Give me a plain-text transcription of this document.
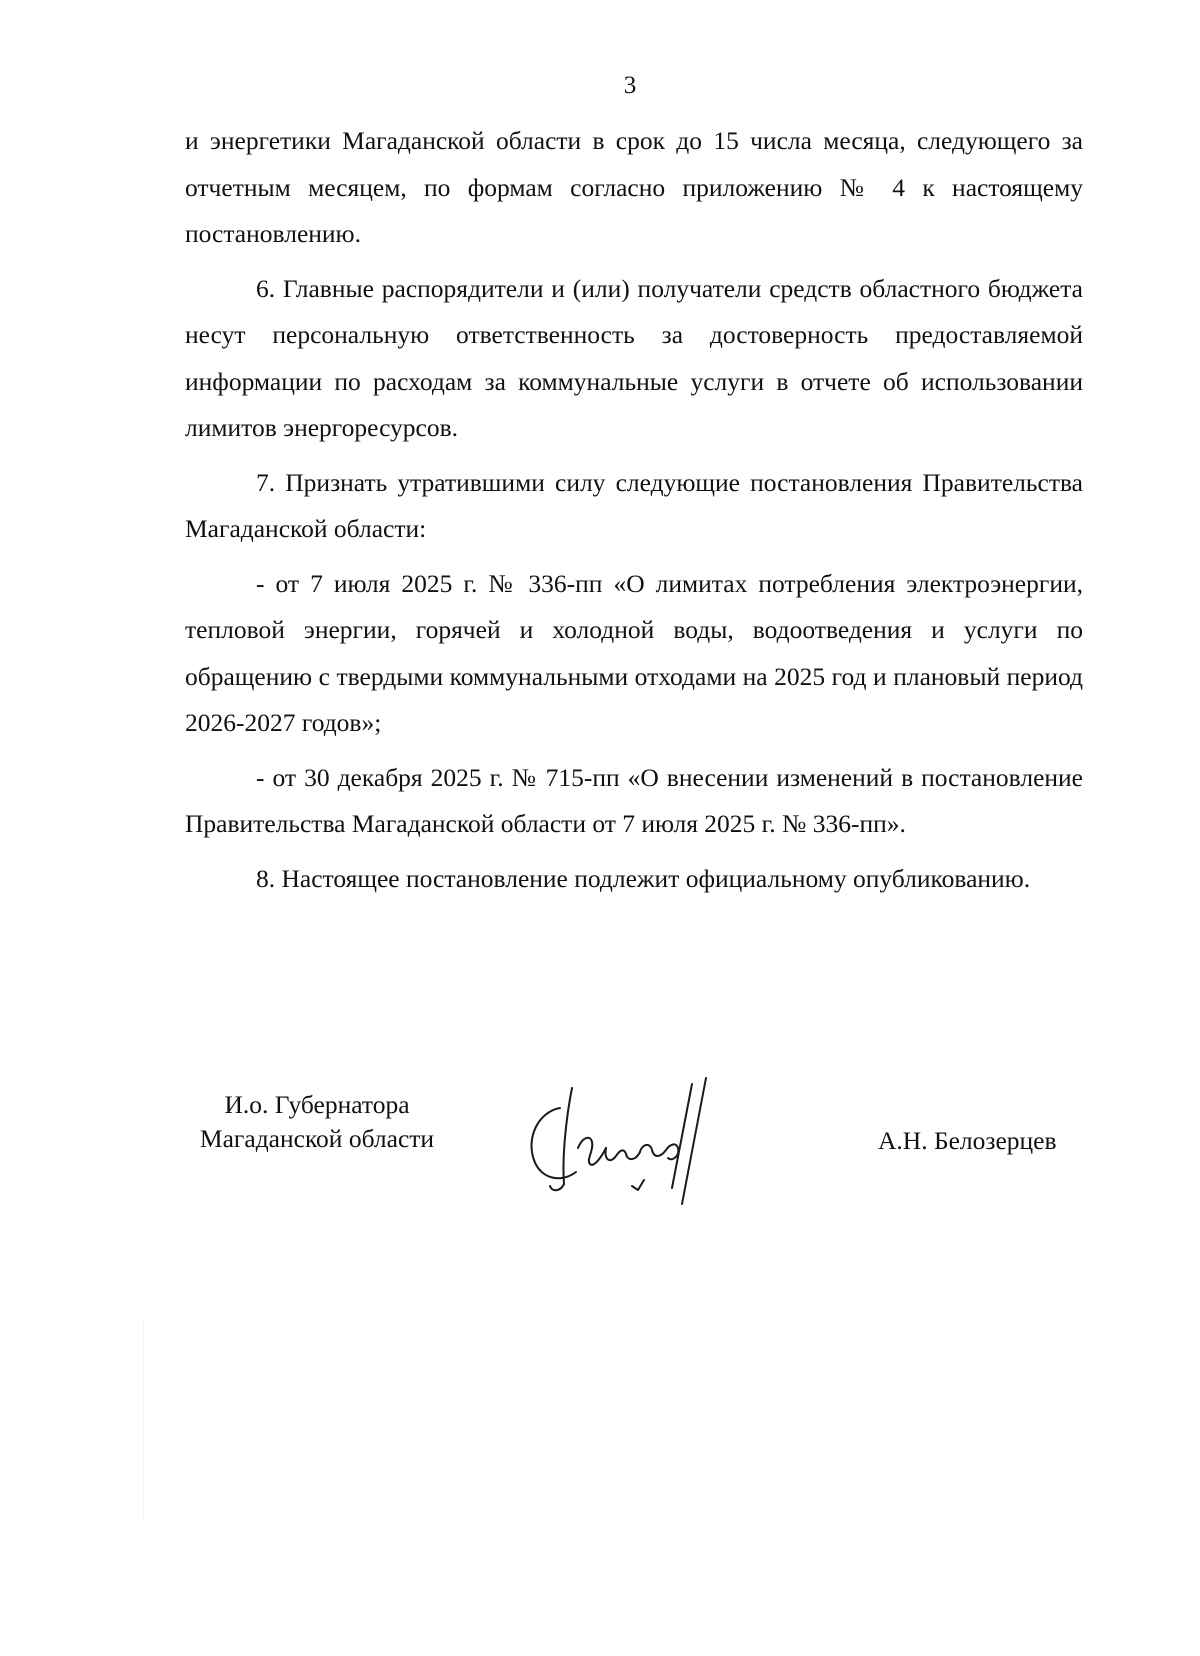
3

и энергетики Магаданской области в срок до 15 числа месяца, следующего за отчетным месяцем, по формам согласно приложению № 4 к настоящему постановлению.

6. Главные распорядители и (или) получатели средств областного бюджета несут персональную ответственность за достоверность предоставляемой информации по расходам за коммунальные услуги в отчете об использовании лимитов энергоресурсов.

7. Признать утратившими силу следующие постановления Правительства Магаданской области:

- от 7 июля 2025 г. № 336-пп «О лимитах потребления электроэнергии, тепловой энергии, горячей и холодной воды, водоотведения и услуги по обращению с твердыми коммунальными отходами на 2025 год и плановый период 2026-2027 годов»;

- от 30 декабря 2025 г. № 715-пп «О внесении изменений в постановление Правительства Магаданской области от 7 июля 2025 г. № 336-пп».

8. Настоящее постановление подлежит официальному опубликованию.

И.о. Губернатора
Магаданской области	А.Н. Белозерцев
